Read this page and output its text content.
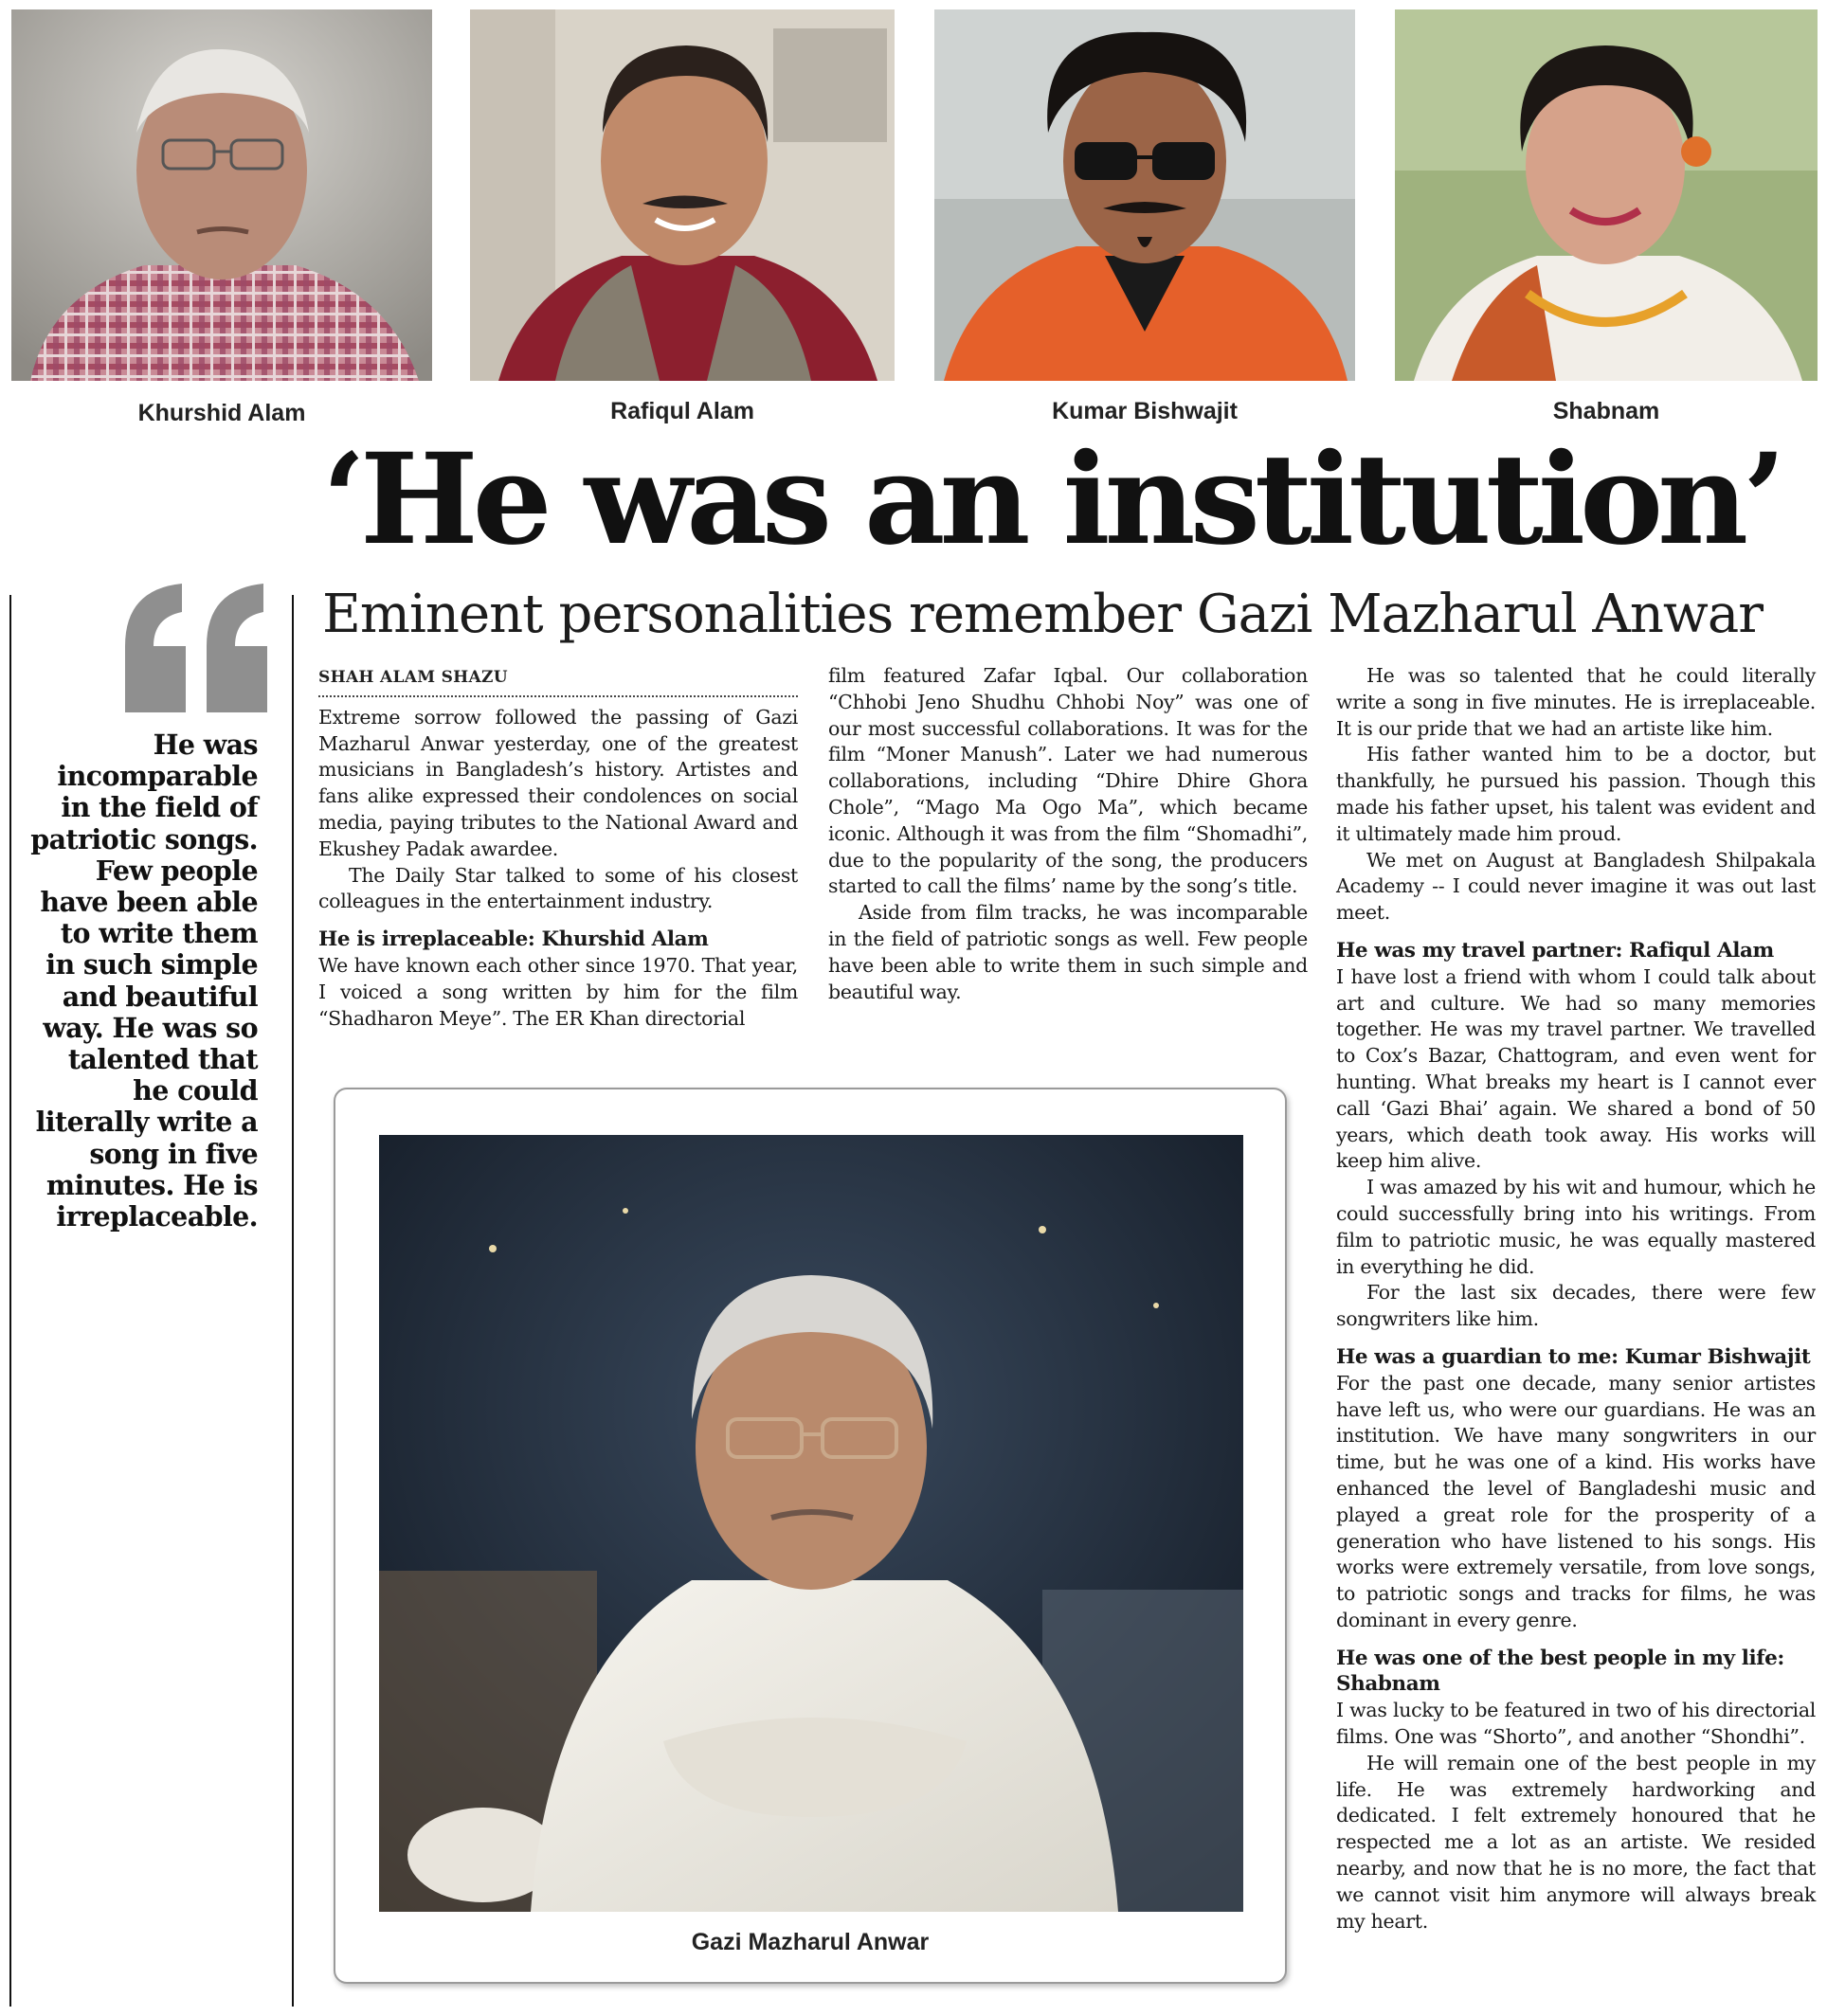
Khurshid Alam	Rafiqul Alam	Kumar Bishwajit	Shabnam
‘He was an institution’
Eminent personalities remember Gazi Mazharul Anwar
He was incomparable in the field of patriotic songs. Few people have been able to write them in such simple and beautiful way. He was so talented that he could literally write a song in five minutes. He is irreplaceable.
SHAH ALAM SHAZU

Extreme sorrow followed the passing of Gazi Mazharul Anwar yesterday, one of the greatest musicians in Bangladesh’s history. Artistes and fans alike expressed their condolences on social media, paying tributes to the National Award and Ekushey Padak awardee.

The Daily Star talked to some of his closest colleagues in the entertainment industry.

He is irreplaceable: Khurshid Alam

We have known each other since 1970. That year, I voiced a song written by him for the film “Shadharon Meye”. The ER Khan directorial

film featured Zafar Iqbal. Our collaboration “Chhobi Jeno Shudhu Chhobi Noy” was one of our most successful collaborations. It was for the film “Moner Manush”. Later we had numerous collaborations, including “Dhire Dhire Ghora Chole”, “Mago Ma Ogo Ma”, which became iconic. Although it was from the film “Shomadhi”, due to the popularity of the song, the producers started to call the films’ name by the song’s title.

Aside from film tracks, he was incomparable in the field of patriotic songs as well. Few people have been able to write them in such simple and beautiful way.

He was so talented that he could literally write a song in five minutes. He is irreplaceable. It is our pride that we had an artiste like him.

His father wanted him to be a doctor, but thankfully, he pursued his passion. Though this made his father upset, his talent was evident and it ultimately made him proud.

We met on August at Bangladesh Shilpakala Academy -- I could never imagine it was out last meet.

He was my travel partner: Rafiqul Alam

I have lost a friend with whom I could talk about art and culture. We had so many memories together. He was my travel partner. We travelled to Cox’s Bazar, Chattogram, and even went for hunting. What breaks my heart is I cannot ever call ‘Gazi Bhai’ again. We shared a bond of 50 years, which death took away. His works will keep him alive.

I was amazed by his wit and humour, which he could successfully bring into his writings. From film to patriotic music, he was equally mastered in everything he did.

For the last six decades, there were few songwriters like him.

He was a guardian to me: Kumar Bishwajit

For the past one decade, many senior artistes have left us, who were our guardians. He was an institution. We have many songwriters in our time, but he was one of a kind. His works have enhanced the level of Bangladeshi music and played a great role for the prosperity of a generation who have listened to his songs. His works were extremely versatile, from love songs, to patriotic songs and tracks for films, he was dominant in every genre.

He was one of the best people in my life: Shabnam

I was lucky to be featured in two of his directorial films. One was “Shorto”, and another “Shondhi”.

He will remain one of the best people in my life. He was extremely hardworking and dedicated. I felt extremely honoured that he respected me a lot as an artiste. We resided nearby, and now that he is no more, the fact that we cannot visit him anymore will always break my heart.

Gazi Mazharul Anwar
